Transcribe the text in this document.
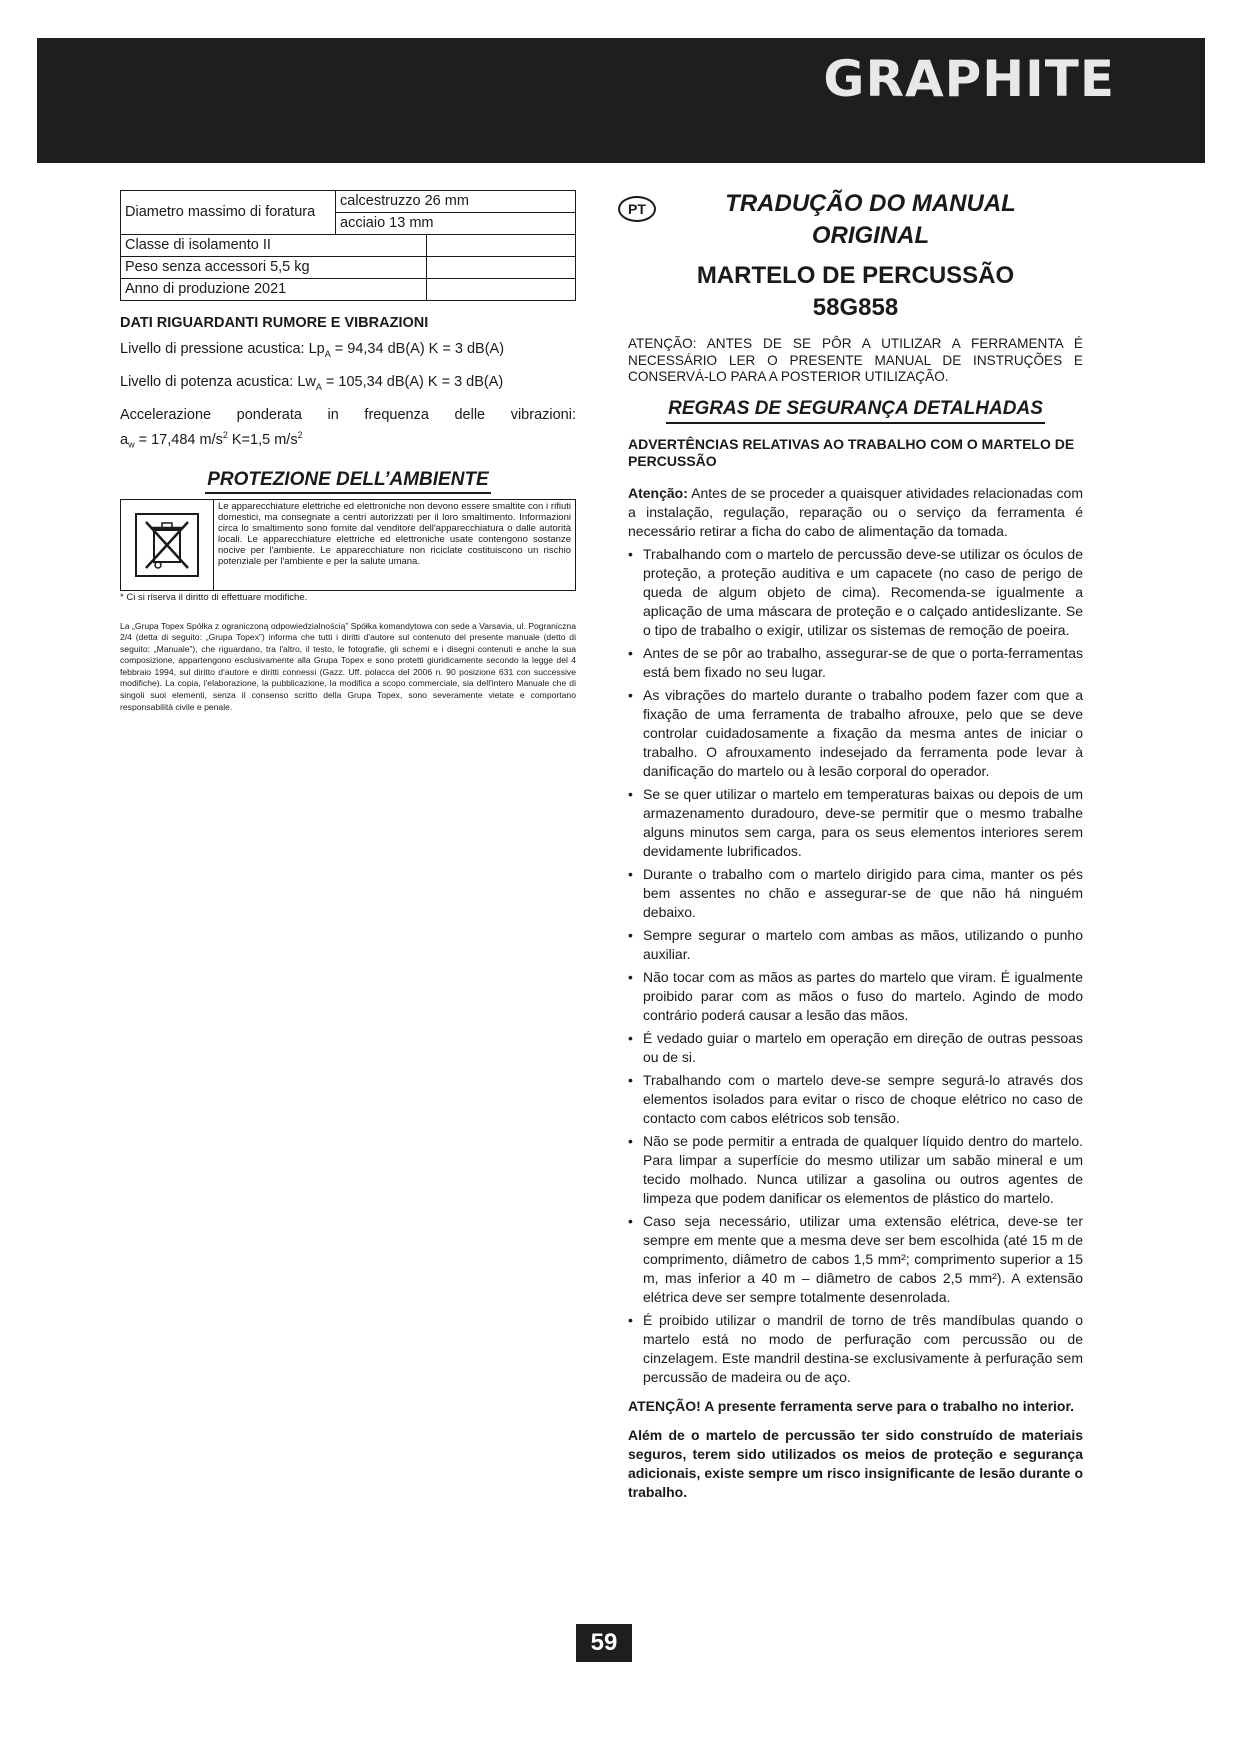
GRAPHITE
Diametro massimo di foratura	calcestruzzo 26 mm	
	acciaio 13 mm	
Classe di isolamento II		
Peso senza accessori 5,5 kg		
Anno di produzione 2021		
DATI RIGUARDANTI RUMORE E VIBRAZIONI
Livello di pressione acustica: $Lp_A = 94,34$ dB(A) K = 3 dB(A)
Livello di potenza acustica: $Lw_A = 105,34$ dB(A) K = 3 dB(A)
Accelerazione ponderata in frequenza delle vibrazioni:
$a_w = 17,484$ $m/s^2$ K=1,5 $m/s^2$
PROTEZIONE DELL’AMBIENTE
Le apparecchiature elettriche ed elettroniche non devono essere smaltite con i rifiuti domestici, ma consegnate a centri autorizzati per il loro smaltimento. Informazioni circa lo smaltimento sono fornite dal venditore dell'apparecchiatura o dalle autorità locali. Le apparecchiature elettriche ed elettroniche usate contengono sostanze nocive per l'ambiente. Le apparecchiature non riciclate costituiscono un rischio potenziale per l'ambiente e per la salute umana.
* Ci si riserva il diritto di effettuare modifiche.
La „Grupa Topex Spółka z ograniczoną odpowiedzialnością” Spółka komandytowa con sede a Varsavia, ul. Pograniczna 2/4 (detta di seguito: „Grupa Topex”) informa che tutti i diritti d'autore sul contenuto del presente manuale (detto di seguito: „Manuale”), che riguardano, tra l'altro, il testo, le fotografie, gli schemi e i disegni contenuti e anche la sua composizione, appartengono esclusivamente alla Grupa Topex e sono protetti giuridicamente secondo la legge del 4 febbraio 1994, sul diritto d'autore e diritti connessi (Gazz. Uff. polacca del 2006 n. 90 posizione 631 con successive modifiche). La copia, l'elaborazione, la pubblicazione, la modifica a scopo commerciale, sia dell'intero Manuale che di singoli suoi elementi, senza il consenso scritto della Grupa Topex, sono severamente vietate e comportano responsabilità civile e penale.
PT	TRADUÇÃO DO MANUAL
ORIGINAL
MARTELO DE PERCUSSÃO
58G858
ATENÇÃO: ANTES DE SE PÔR A UTILIZAR A FERRAMENTA É NECESSÁRIO LER O PRESENTE MANUAL DE INSTRUÇÕES E CONSERVÁ-LO PARA A POSTERIOR UTILIZAÇÃO.
REGRAS DE SEGURANÇA DETALHADAS
ADVERTÊNCIAS RELATIVAS AO TRABALHO COM O MARTELO DE PERCUSSÃO

Atenção: Antes de se proceder a quaisquer atividades relacionadas com a instalação, regulação, reparação ou o serviço da ferramenta é necessário retirar a ficha do cabo de alimentação da tomada.

• Trabalhando com o martelo de percussão deve-se utilizar os óculos de proteção, a proteção auditiva e um capacete (no caso de perigo de queda de algum objeto de cima). Recomenda-se igualmente a aplicação de uma máscara de proteção e o calçado antideslizante. Se o tipo de trabalho o exigir, utilizar os sistemas de remoção de poeira.
• Antes de se pôr ao trabalho, assegurar-se de que o porta-ferramentas está bem fixado no seu lugar.
• As vibrações do martelo durante o trabalho podem fazer com que a fixação de uma ferramenta de trabalho afrouxe, pelo que se deve controlar cuidadosamente a fixação da mesma antes de iniciar o trabalho. O afrouxamento indesejado da ferramenta pode levar à danificação do martelo ou à lesão corporal do operador.
• Se se quer utilizar o martelo em temperaturas baixas ou depois de um armazenamento duradouro, deve-se permitir que o mesmo trabalhe alguns minutos sem carga, para os seus elementos interiores serem devidamente lubrificados.
• Durante o trabalho com o martelo dirigido para cima, manter os pés bem assentes no chão e assegurar-se de que não há ninguém debaixo.
• Sempre segurar o martelo com ambas as mãos, utilizando o punho auxiliar.
• Não tocar com as mãos as partes do martelo que viram. É igualmente proibido parar com as mãos o fuso do martelo. Agindo de modo contrário poderá causar a lesão das mãos.
• É vedado guiar o martelo em operação em direção de outras pessoas ou de si.
• Trabalhando com o martelo deve-se sempre segurá-lo através dos elementos isolados para evitar o risco de choque elétrico no caso de contacto com cabos elétricos sob tensão.
• Não se pode permitir a entrada de qualquer líquido dentro do martelo. Para limpar a superfície do mesmo utilizar um sabão mineral e um tecido molhado. Nunca utilizar a gasolina ou outros agentes de limpeza que podem danificar os elementos de plástico do martelo.
• Caso seja necessário, utilizar uma extensão elétrica, deve-se ter sempre em mente que a mesma deve ser bem escolhida (até 15 m de comprimento, diâmetro de cabos 1,5 mm²; comprimento superior a 15 m, mas inferior a 40 m – diâmetro de cabos 2,5 mm²). A extensão elétrica deve ser sempre totalmente desenrolada.
• É proibido utilizar o mandril de torno de três mandíbulas quando o martelo está no modo de perfuração com percussão ou de cinzelagem. Este mandril destina-se exclusivamente à perfuração sem percussão de madeira ou de aço.

ATENÇÃO! A presente ferramenta serve para o trabalho no interior.

Além de o martelo de percussão ter sido construído de materiais seguros, terem sido utilizados os meios de proteção e segurança adicionais, existe sempre um risco insignificante de lesão durante o trabalho.

59
